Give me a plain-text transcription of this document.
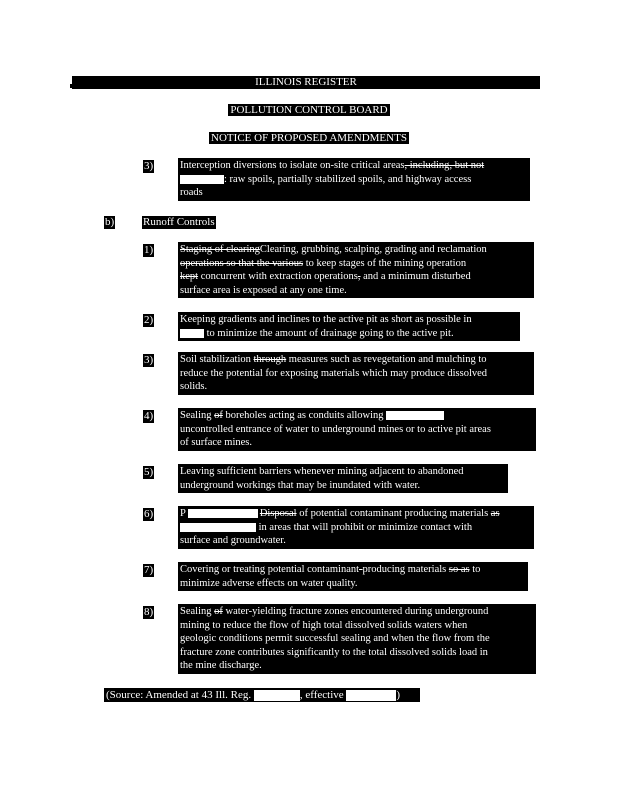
ILLINOIS REGISTER
POLLUTION CONTROL BOARD
NOTICE OF PROPOSED AMENDMENTS
3)	Interception diversions to isolate on-site critical areas, including, but not
: raw spoils, partially stabilized spoils, and highway access
roads
b)	Runoff Controls
1)	Staging of clearingClearing, grubbing, scalping, grading and reclamation
operations so that the various to keep stages of the mining operation
kept concurrent with extraction operations, and a minimum disturbed
surface area is exposed at any one time.
2)	Keeping gradients and inclines to the active pit as short as possible in
to minimize the amount of drainage going to the active pit.
3)	Soil stabilization through measures such as revegetation and mulching to
reduce the potential for exposing materials which may produce dissolved
solids.
4)	Sealing of boreholes acting as conduits allowing
uncontrolled entrance of water to underground mines or to active pit areas
of surface mines.
5)	Leaving sufficient barriers whenever mining adjacent to abandoned
underground workings that may be inundated with water.
6)	P	Disposal of potential contaminant producing materials as
in areas that will prohibit or minimize contact with
surface and groundwater.
7)	Covering or treating potential contaminant-producing materials so as to
minimize adverse effects on water quality.
8)	Sealing of water-yielding fracture zones encountered during underground
mining to reduce the flow of high total dissolved solids waters when
geologic conditions permit successful sealing and when the flow from the
fracture zone contributes significantly to the total dissolved solids load in
the mine discharge.
(Source: Amended at 43 Ill. Reg.	, effective	)
